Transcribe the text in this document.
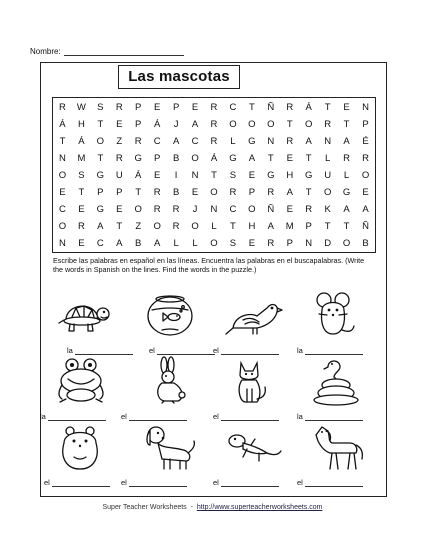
Nombre:
Las mascotas
R	W	S	R	P	E	P	E	R	C	T	Ñ	R	Á	T	E	N
Á	H	T	E	P	Á	J	A	R	O	O	O	T	O	R	T	P
T	Á	O	Z	R	C	A	C	R	L	G	N	R	A	N	A	É
N	M	T	R	G	P	B	O	Á	G	A	T	E	T	L	R	R
O	S	G	U	Á	E	I	N	T	S	E	G	H	G	U	L	O
E	T	P	P	T	R	B	E	O	R	P	R	A	T	O	G	E
C	E	G	E	O	R	R	J	N	C	O	Ñ	E	R	K	A	A
O	R	A	T	Z	O	R	O	L	T	H	A	M	P	T	T	Ñ
N	E	C	A	B	A	L	L	O	S	E	R	P	N	D	O	B
Escribe las palabras en español en las líneas. Encuentra las palabras en el buscapalabras. (Write the words in Spanish on the lines. Find the words in the puzzle.)
la	el	el	la
la	el	el	la
el	el	el	el
Super Teacher Worksheets - http://www.superteacherworksheets.com
